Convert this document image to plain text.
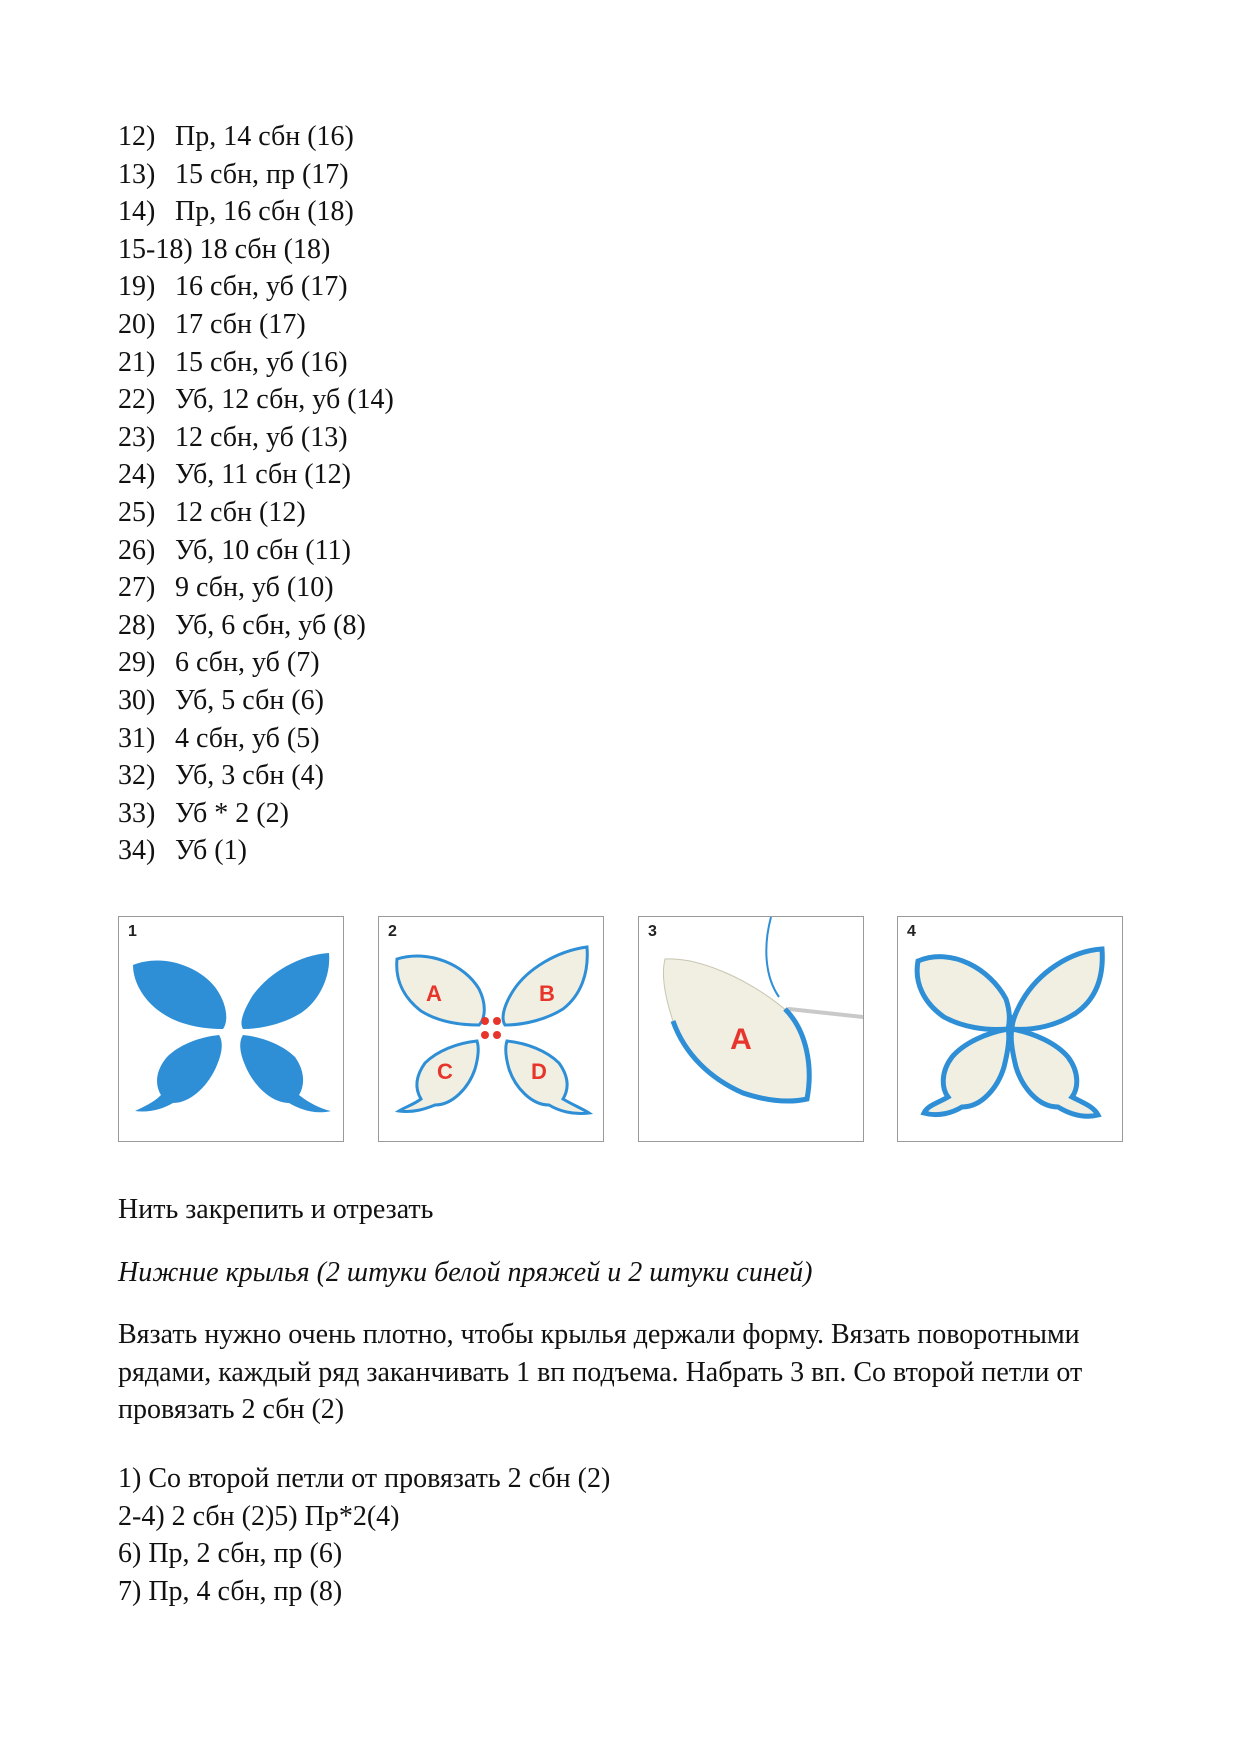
12) Пр, 14 сбн (16)
13) 15 сбн, пр (17)
14) Пр, 16 сбн (18)
15-18) 18 сбн (18)
19) 16 сбн, уб (17)
20) 17 сбн (17)
21) 15 сбн, уб (16)
22) Уб, 12 сбн, уб (14)
23) 12 сбн, уб (13)
24) Уб, 11 сбн (12)
25) 12 сбн (12)
26) Уб, 10 сбн (11)
27) 9 сбн, уб (10)
28) Уб, 6 сбн, уб (8)
29) 6 сбн, уб (7)
30) Уб, 5 сбн (6)
31) 4 сбн, уб (5)
32) Уб, 3 сбн (4)
33) Уб * 2 (2)
34) Уб (1)
1	2
A	B
C	D
3
A
4

Нить закрепить и отрезать

Нижние крылья (2 штуки белой пряжей и 2 штуки синей)

Вязать нужно очень плотно, чтобы крылья держали форму. Вязать поворотными рядами, каждый ряд заканчивать 1 вп подъема. Набрать 3 вп. Со второй петли от провязать 2 сбн (2)

1) Со второй петли от провязать 2 сбн (2)
2-4) 2 сбн (2)5) Пр*2(4)
6) Пр, 2 сбн, пр (6)
7) Пр, 4 сбн, пр (8)
